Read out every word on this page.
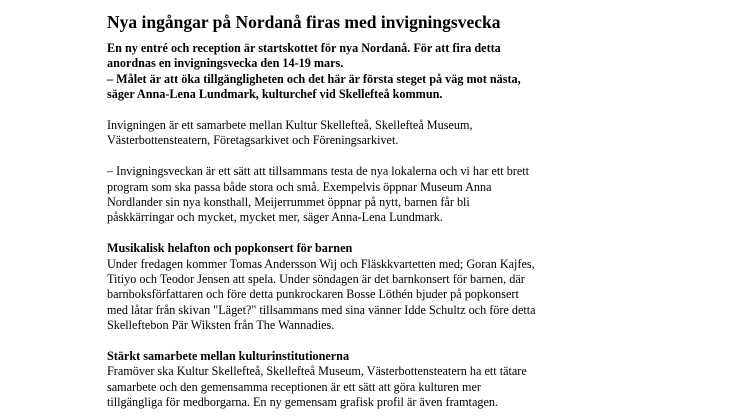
Nya ingångar på Nordanå firas med invigningsvecka
En ny entré och reception är startskottet för nya Nordanå. För att fira detta
anordnas en invigningsvecka den 14-19 mars.
– Målet är att öka tillgängligheten och det här är första steget på väg mot nästa,
säger Anna-Lena Lundmark, kulturchef vid Skellefteå kommun.
Invigningen är ett samarbete mellan Kultur Skellefteå, Skellefteå Museum,
Västerbottensteatern, Företagsarkivet och Föreningsarkivet.
– Invigningsveckan är ett sätt att tillsammans testa de nya lokalerna och vi har ett brett
program som ska passa både stora och små. Exempelvis öppnar Museum Anna
Nordlander sin nya konsthall, Meijerrummet öppnar på nytt, barnen får bli
påskkärringar och mycket, mycket mer, säger Anna-Lena Lundmark.
Musikalisk helafton och popkonsert för barnen
Under fredagen kommer Tomas Andersson Wij och Fläskkvartetten med; Goran Kajfes,
Titiyo och Teodor Jensen att spela. Under söndagen är det barnkonsert för barnen, där
barnboksförfattaren och före detta punkrockaren Bosse Löthén bjuder på popkonsert
med låtar från skivan "Läget?" tillsammans med sina vänner Idde Schultz och före detta
Skelleftebon Pär Wiksten från The Wannadies.
Stärkt samarbete mellan kulturinstitutionerna
Framöver ska Kultur Skellefteå, Skellefteå Museum, Västerbottensteatern ha ett tätare
samarbete och den gemensamma receptionen är ett sätt att göra kulturen mer
tillgängliga för medborgarna. En ny gemensam grafisk profil är även framtagen.
